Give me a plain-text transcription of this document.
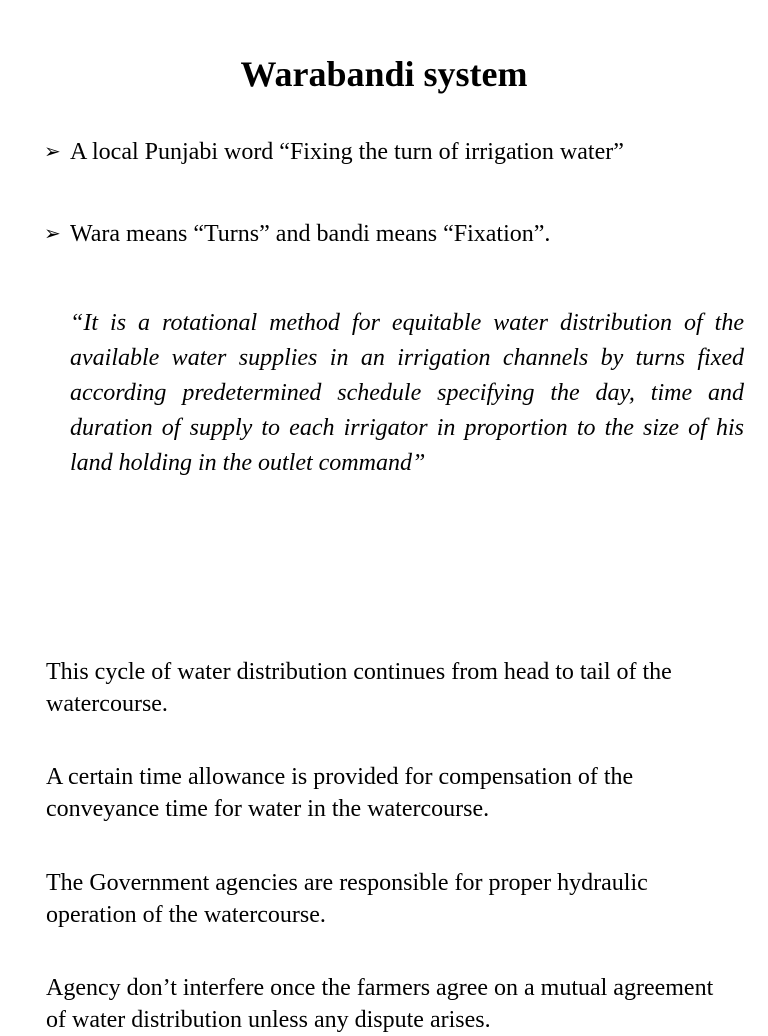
Warabandi system
➢ A local Punjabi word “Fixing the turn of irrigation water”
➢ Wara means “Turns” and bandi means “Fixation”.
“It is a rotational method for equitable water distribution of the available water supplies in an irrigation channels by turns fixed according predetermined schedule specifying the day, time and duration of supply to each irrigator in proportion to the size of his land holding in the outlet command”
This cycle of water distribution continues from head to tail of the watercourse.
A certain time allowance is provided for compensation of the conveyance time for water in the watercourse.
The Government agencies are responsible for proper hydraulic operation of the watercourse.
Agency don’t interfere once the farmers agree on a mutual agreement of water distribution unless any dispute arises.
